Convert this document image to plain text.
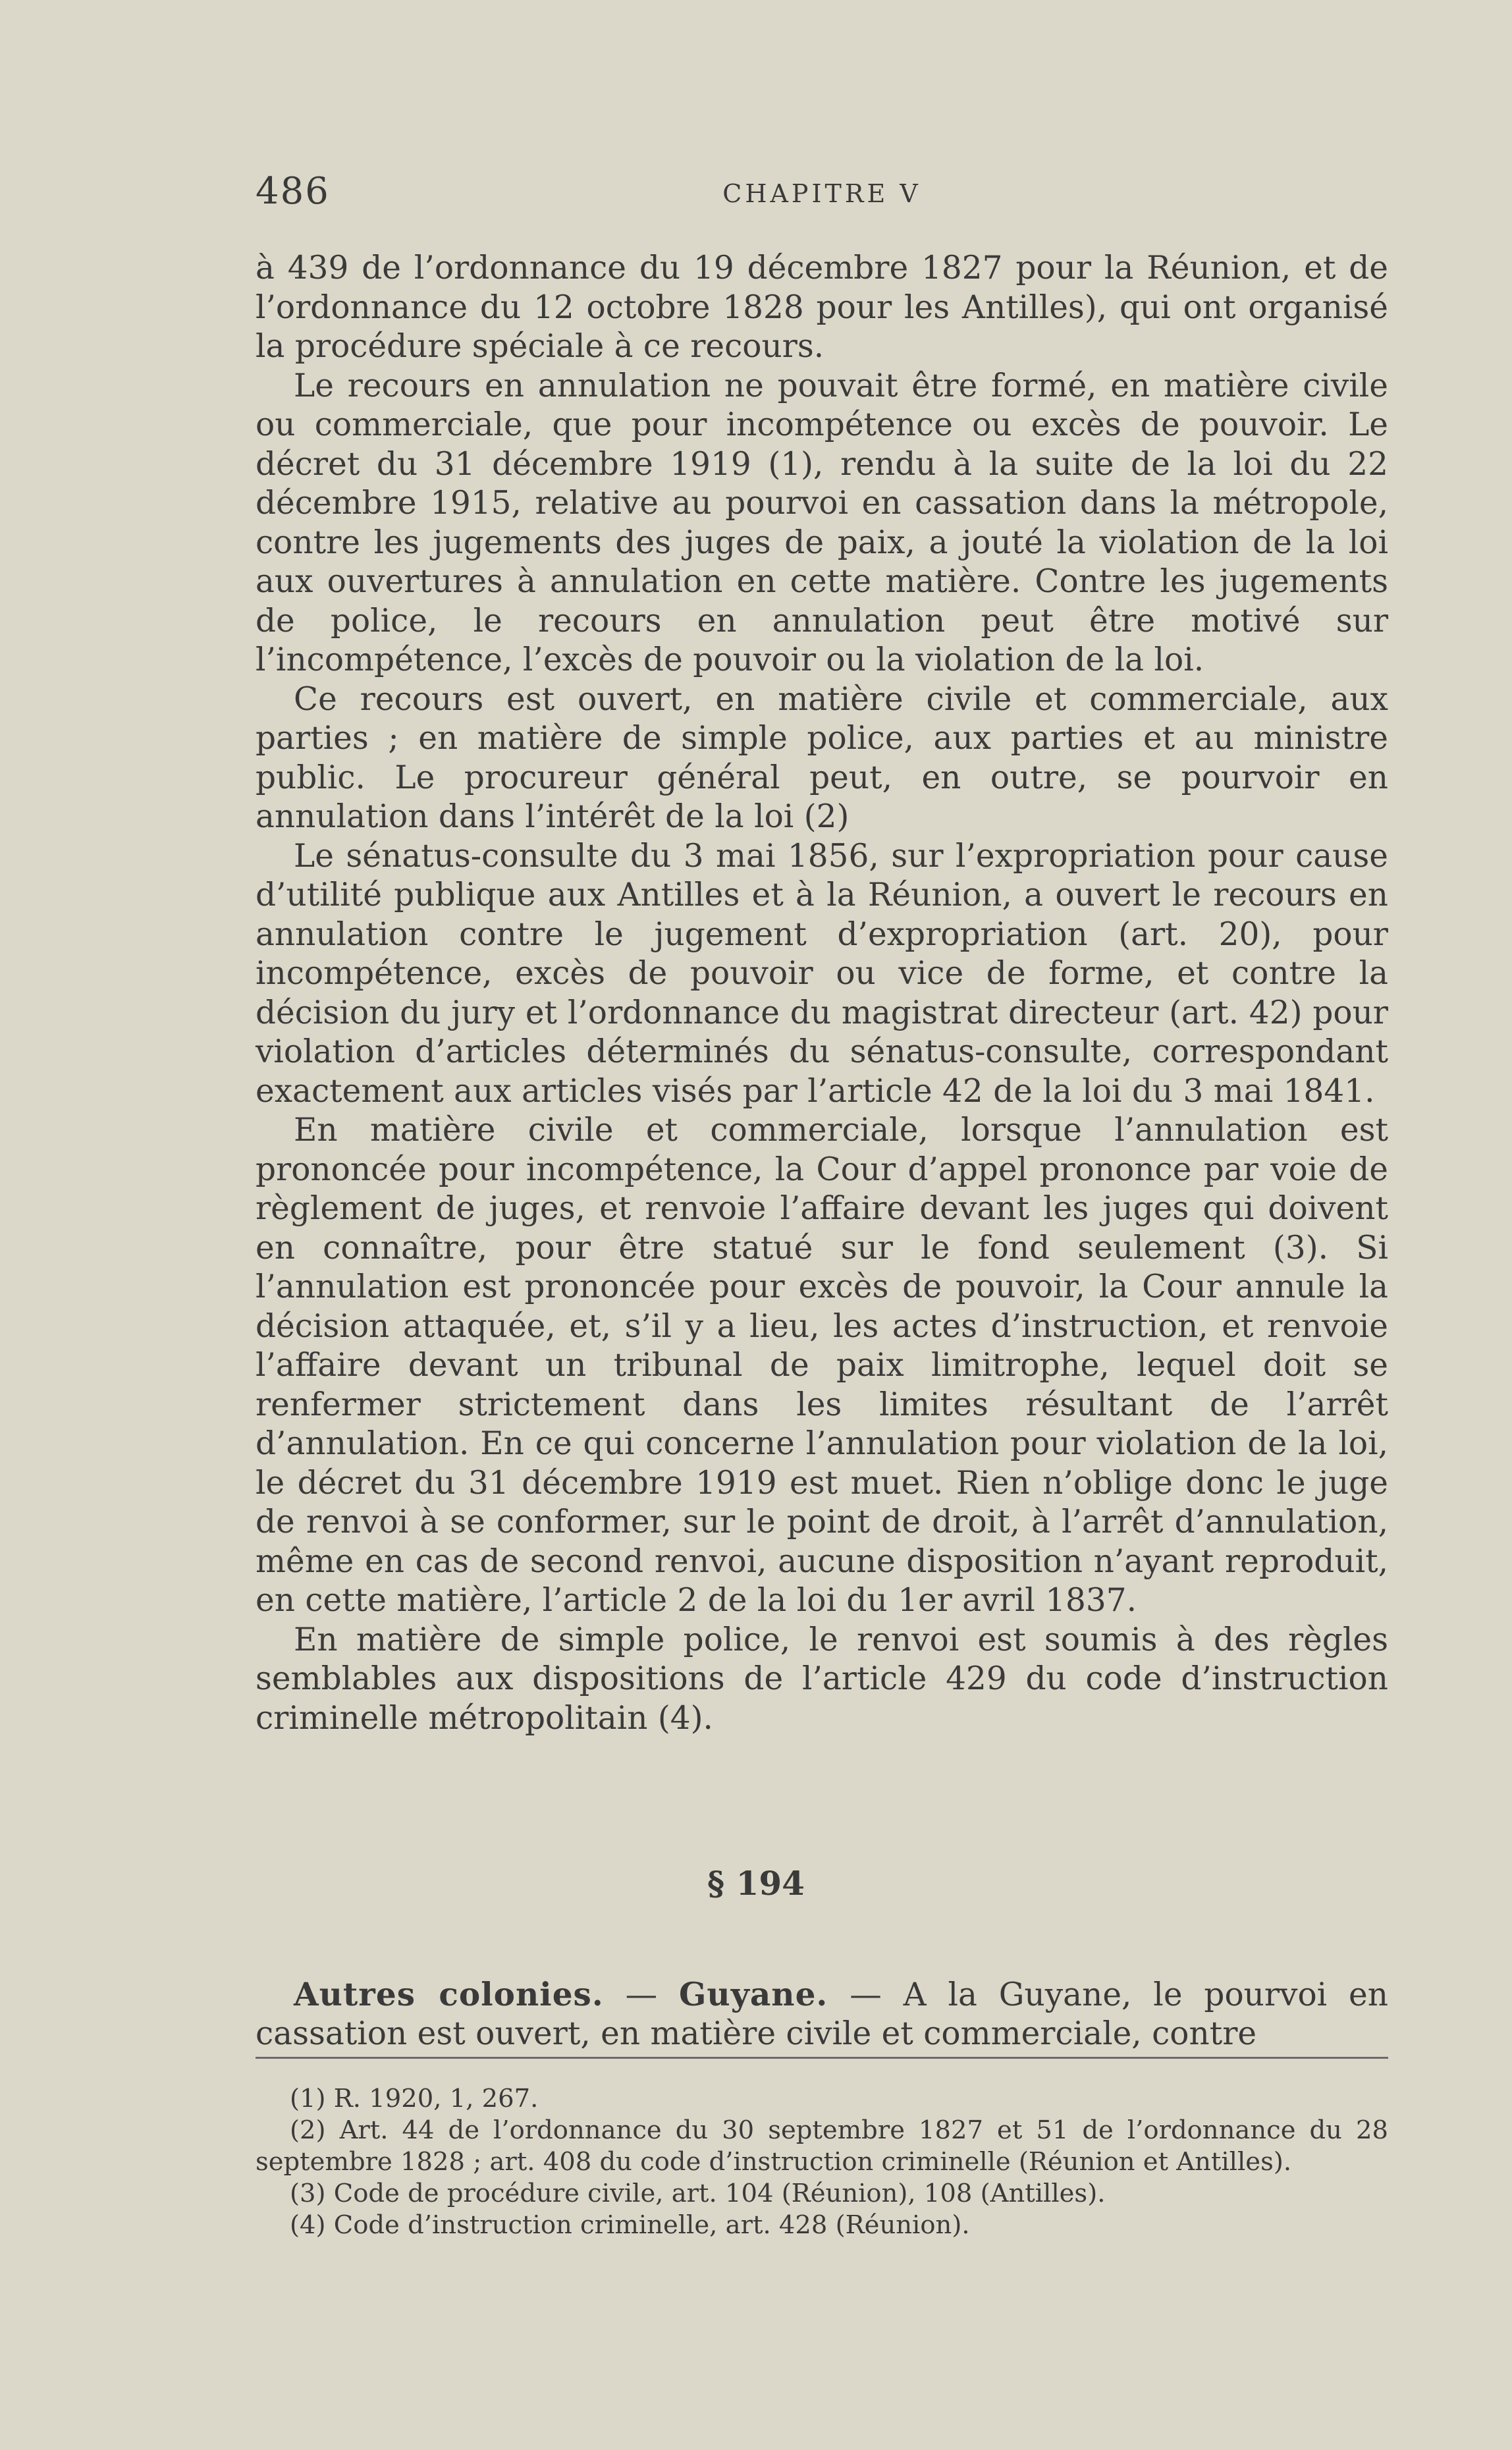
486	CHAPITRE V

à 439 de l’ordonnance du 19 décembre 1827 pour la Réunion, et de l’ordonnance du 12 octobre 1828 pour les Antilles), qui ont organisé la procédure spéciale à ce recours.

Le recours en annulation ne pouvait être formé, en matière civile ou commerciale, que pour incompétence ou excès de pouvoir. Le décret du 31 décembre 1919 (1), rendu à la suite de la loi du 22 décembre 1915, relative au pourvoi en cassation dans la métropole, contre les jugements des juges de paix, a jouté la violation de la loi aux ouvertures à annulation en cette matière. Contre les jugements de police, le recours en annulation peut être motivé sur l’incompétence, l’excès de pouvoir ou la violation de la loi.

Ce recours est ouvert, en matière civile et commerciale, aux parties ; en matière de simple police, aux parties et au ministre public. Le procureur général peut, en outre, se pourvoir en annulation dans l’intérêt de la loi (2)

Le sénatus-consulte du 3 mai 1856, sur l’expropriation pour cause d’utilité publique aux Antilles et à la Réunion, a ouvert le recours en annulation contre le jugement d’expropriation (art. 20), pour incompétence, excès de pouvoir ou vice de forme, et contre la décision du jury et l’ordonnance du magistrat directeur (art. 42) pour violation d’articles déterminés du sénatus-consulte, correspondant exactement aux articles visés par l’article 42 de la loi du 3 mai 1841.

En matière civile et commerciale, lorsque l’annulation est prononcée pour incompétence, la Cour d’appel prononce par voie de règlement de juges, et renvoie l’affaire devant les juges qui doivent en connaître, pour être statué sur le fond seulement (3). Si l’annulation est prononcée pour excès de pouvoir, la Cour annule la décision attaquée, et, s’il y a lieu, les actes d’instruction, et renvoie l’affaire devant un tribunal de paix limitrophe, lequel doit se renfermer strictement dans les limites résultant de l’arrêt d’annulation. En ce qui concerne l’annulation pour violation de la loi, le décret du 31 décembre 1919 est muet. Rien n’oblige donc le juge de renvoi à se conformer, sur le point de droit, à l’arrêt d’annulation, même en cas de second renvoi, aucune disposition n’ayant reproduit, en cette matière, l’article 2 de la loi du 1er avril 1837.

En matière de simple police, le renvoi est soumis à des règles semblables aux dispositions de l’article 429 du code d’instruction criminelle métropolitain (4).

§ 194

Autres colonies. — Guyane. — A la Guyane, le pourvoi en cassation est ouvert, en matière civile et commerciale, contre

(1) R. 1920, 1, 267.

(2) Art. 44 de l’ordonnance du 30 septembre 1827 et 51 de l’ordonnance du 28 septembre 1828 ; art. 408 du code d’instruction criminelle (Réunion et Antilles).

(3) Code de procédure civile, art. 104 (Réunion), 108 (Antilles).

(4) Code d’instruction criminelle, art. 428 (Réunion).
